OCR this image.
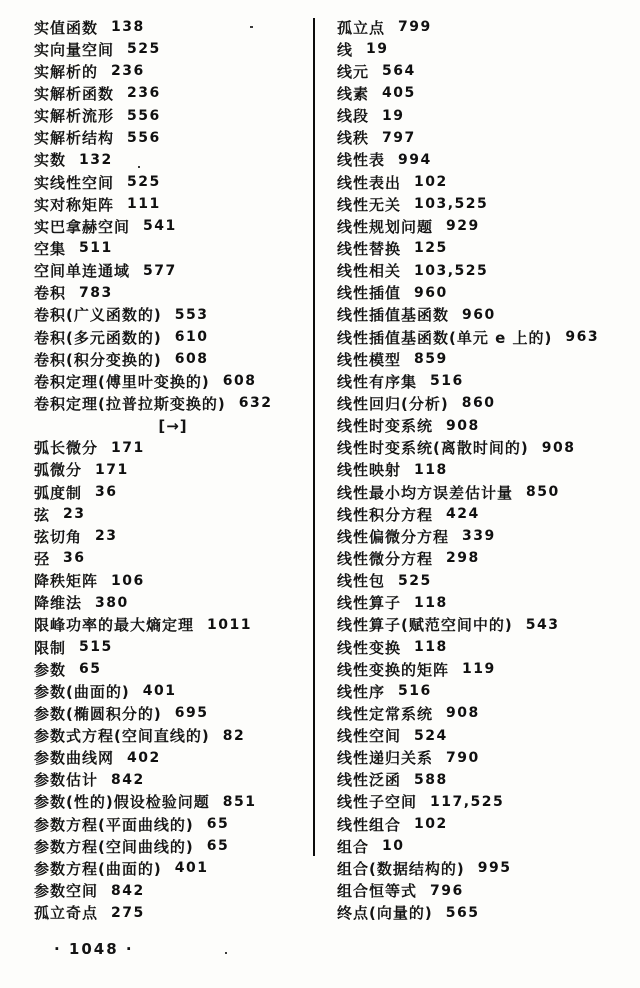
实值函数 138
实向量空间 525
实解析的 236
实解析函数 236
实解析流形 556
实解析结构 556
实数 132
实线性空间 525
实对称矩阵 111
实巴拿赫空间 541
空集 511
空间单连通域 577
卷积 783
卷积(广义函数的) 553
卷积(多元函数的) 610
卷积(积分变换的) 608
卷积定理(傅里叶变换的) 608
卷积定理(拉普拉斯变换的) 632
[→]
弧长微分 171
弧微分 171
弧度制 36
弦 23
弦切角 23
弪 36
降秩矩阵 106
降维法 380
限峰功率的最大熵定理 1011
限制 515
参数 65
参数(曲面的) 401
参数(椭圆积分的) 695
参数式方程(空间直线的) 82
参数曲线网 402
参数估计 842
参数(性的)假设检验问题 851
参数方程(平面曲线的) 65
参数方程(空间曲线的) 65
参数方程(曲面的) 401
参数空间 842
孤立奇点 275
孤立点 799
线 19
线元 564
线素 405
线段 19
线秩 797
线性表 994
线性表出 102
线性无关 103,525
线性规划问题 929
线性替换 125
线性相关 103,525
线性插值 960
线性插值基函数 960
线性插值基函数(单元 e 上的) 963
线性模型 859
线性有序集 516
线性回归(分析) 860
线性时变系统 908
线性时变系统(离散时间的) 908
线性映射 118
线性最小均方误差估计量 850
线性积分方程 424
线性偏微分方程 339
线性微分方程 298
线性包 525
线性算子 118
线性算子(赋范空间中的) 543
线性变换 118
线性变换的矩阵 119
线性序 516
线性定常系统 908
线性空间 524
线性递归关系 790
线性泛函 588
线性子空间 117,525
线性组合 102
组合 10
组合(数据结构的) 995
组合恒等式 796
终点(向量的) 565
· 1048 ·
